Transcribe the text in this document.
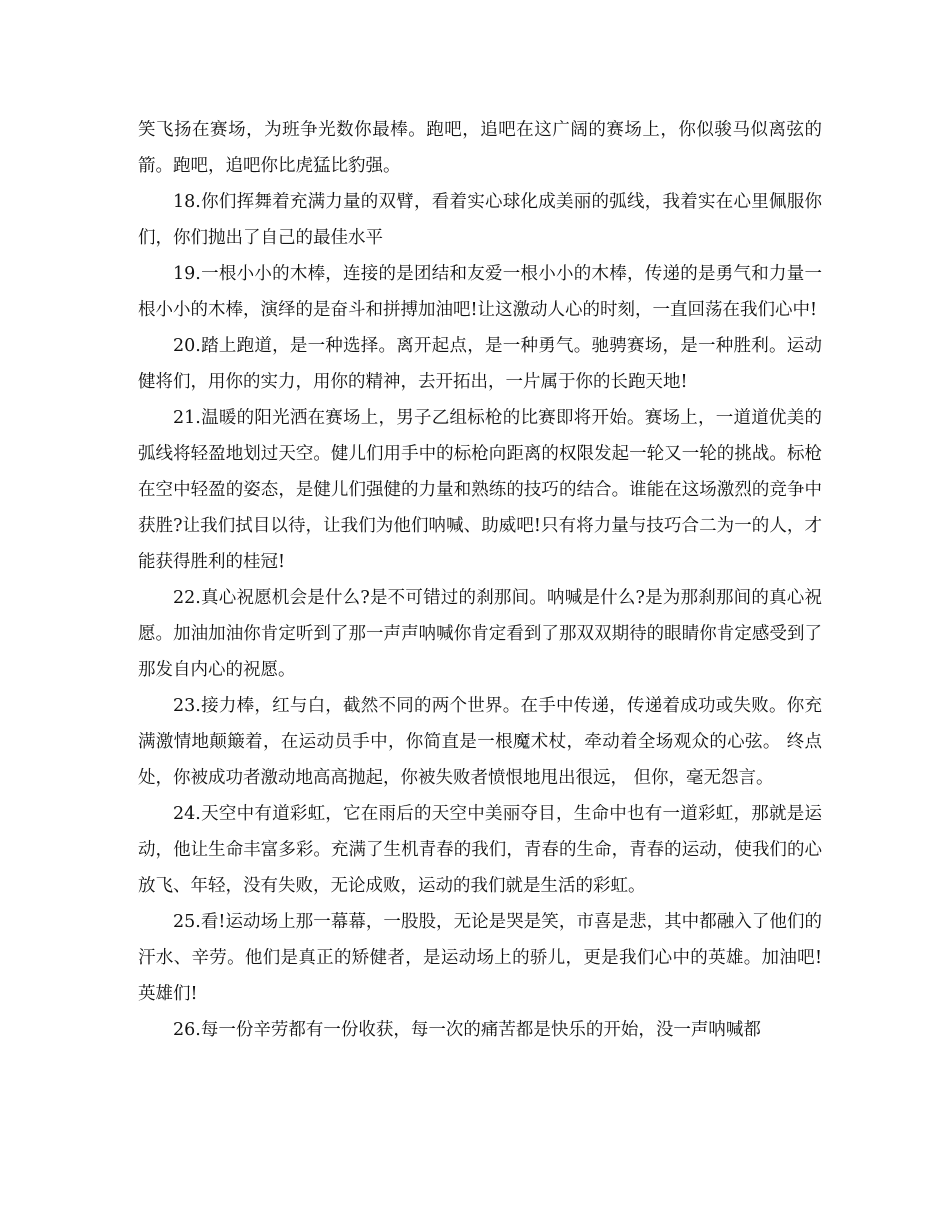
笑飞扬在赛场，为班争光数你最棒。跑吧，追吧在这广阔的赛场上，你似骏马似离弦的箭。跑吧，追吧你比虎猛比豹强。

18.你们挥舞着充满力量的双臂，看着实心球化成美丽的弧线，我着实在心里佩服你们，你们抛出了自己的最佳水平

19.一根小小的木棒，连接的是团结和友爱一根小小的木棒，传递的是勇气和力量一根小小的木棒，演绎的是奋斗和拼搏加油吧!让这激动人心的时刻，一直回荡在我们心中!

20.踏上跑道，是一种选择。离开起点，是一种勇气。驰骋赛场，是一种胜利。运动健将们，用你的实力，用你的精神，去开拓出，一片属于你的长跑天地!

21.温暖的阳光洒在赛场上，男子乙组标枪的比赛即将开始。赛场上，一道道优美的弧线将轻盈地划过天空。健儿们用手中的标枪向距离的权限发起一轮又一轮的挑战。标枪在空中轻盈的姿态，是健儿们强健的力量和熟练的技巧的结合。谁能在这场激烈的竞争中获胜?让我们拭目以待，让我们为他们呐喊、助威吧!只有将力量与技巧合二为一的人，才能获得胜利的桂冠!

22.真心祝愿机会是什么?是不可错过的刹那间。呐喊是什么?是为那刹那间的真心祝愿。加油加油你肯定听到了那一声声呐喊你肯定看到了那双双期待的眼睛你肯定感受到了那发自内心的祝愿。

23.接力棒，红与白，截然不同的两个世界。在手中传递，传递着成功或失败。你充满激情地颠簸着，在运动员手中，你简直是一根魔术杖，牵动着全场观众的心弦。 终点处，你被成功者激动地高高抛起，你被失败者愤恨地甩出很远， 但你，毫无怨言。

24.天空中有道彩虹，它在雨后的天空中美丽夺目，生命中也有一道彩虹，那就是运动，他让生命丰富多彩。充满了生机青春的我们，青春的生命，青春的运动，使我们的心放飞、年轻，没有失败，无论成败，运动的我们就是生活的彩虹。

25.看!运动场上那一幕幕，一股股，无论是哭是笑，市喜是悲，其中都融入了他们的汗水、辛劳。他们是真正的矫健者，是运动场上的骄儿，更是我们心中的英雄。加油吧!英雄们!

26.每一份辛劳都有一份收获，每一次的痛苦都是快乐的开始，没一声呐喊都
